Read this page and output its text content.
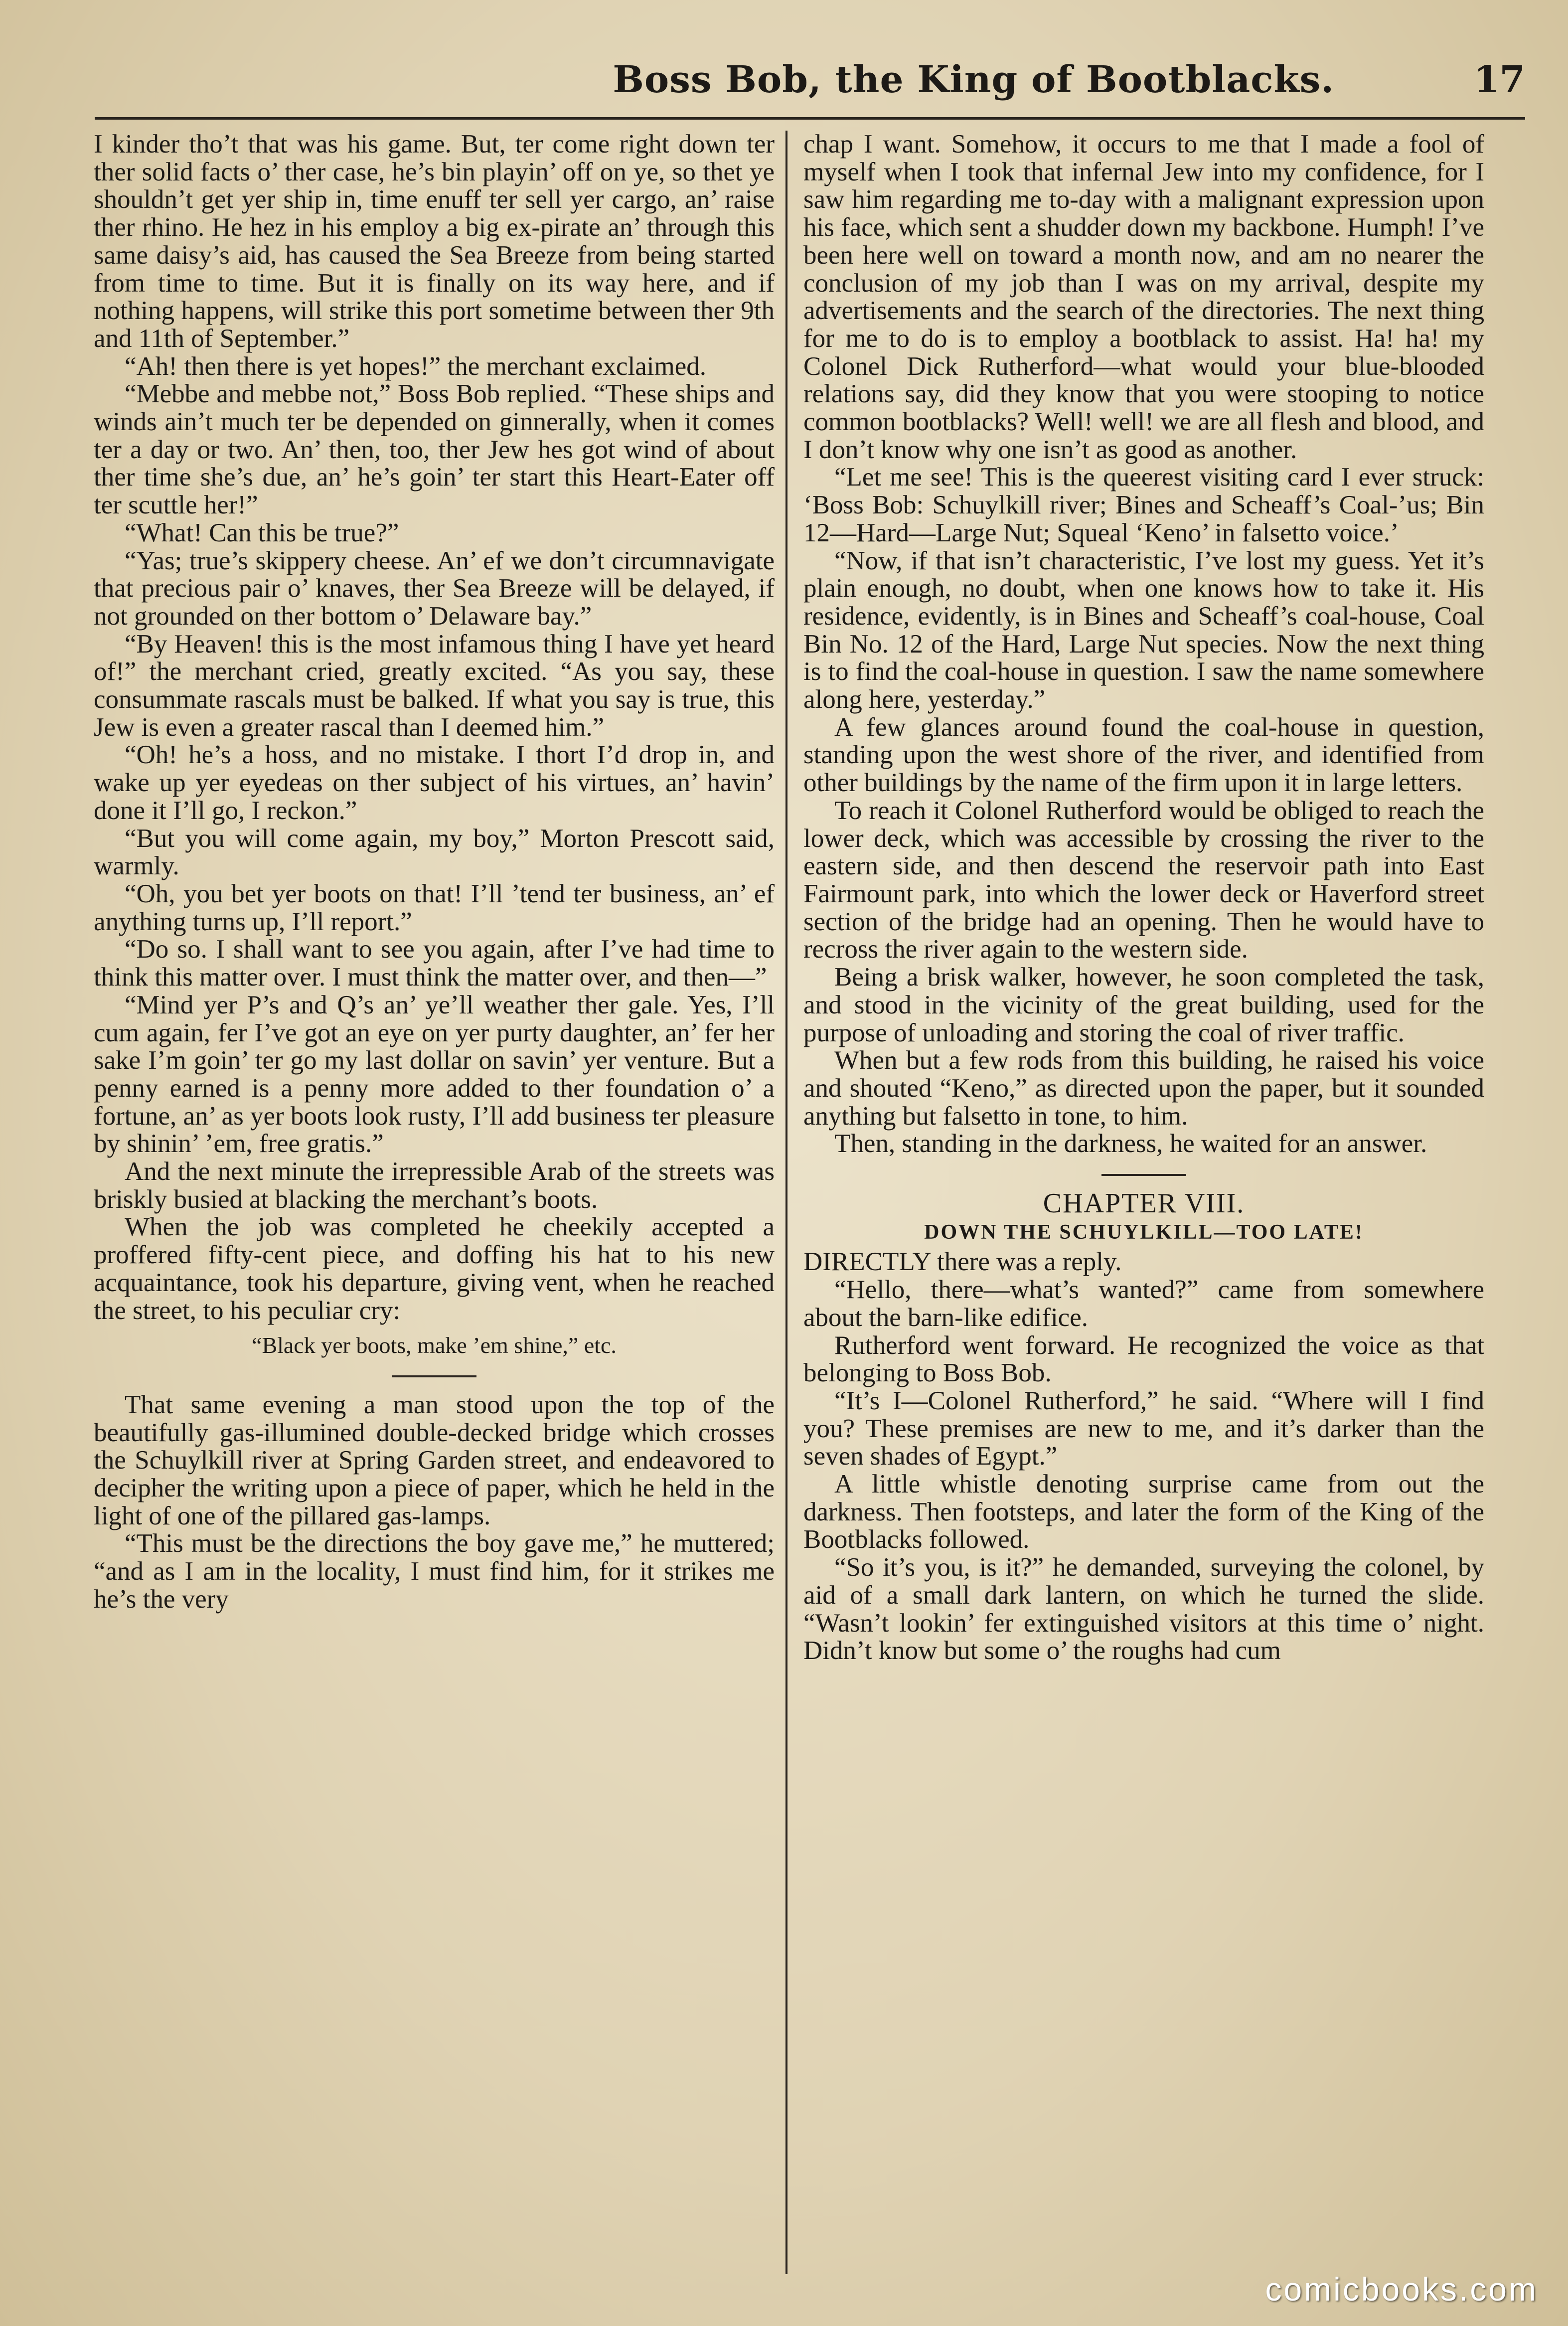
Boss Bob, the King of Bootblacks.	17

I kinder tho’t that was his game. But, ter come right down ter ther solid facts o’ ther case, he’s bin playin’ off on ye, so thet ye shouldn’t get yer ship in, time enuff ter sell yer cargo, an’ raise ther rhino. He hez in his employ a big ex-pirate an’ through this same daisy’s aid, has caused the Sea Breeze from being started from time to time. But it is finally on its way here, and if nothing happens, will strike this port sometime between ther 9th and 11th of September.”

“Ah! then there is yet hopes!” the merchant exclaimed.

“Mebbe and mebbe not,” Boss Bob replied. “These ships and winds ain’t much ter be depended on ginnerally, when it comes ter a day or two. An’ then, too, ther Jew hes got wind of about ther time she’s due, an’ he’s goin’ ter start this Heart-Eater off ter scuttle her!”

“What! Can this be true?”

“Yas; true’s skippery cheese. An’ ef we don’t circumnavigate that precious pair o’ knaves, ther Sea Breeze will be delayed, if not grounded on ther bottom o’ Delaware bay.”

“By Heaven! this is the most infamous thing I have yet heard of!” the merchant cried, greatly excited. “As you say, these consummate rascals must be balked. If what you say is true, this Jew is even a greater rascal than I deemed him.”

“Oh! he’s a hoss, and no mistake. I thort I’d drop in, and wake up yer eyedeas on ther subject of his virtues, an’ havin’ done it I’ll go, I reckon.”

“But you will come again, my boy,” Morton Prescott said, warmly.

“Oh, you bet yer boots on that! I’ll ’tend ter business, an’ ef anything turns up, I’ll report.”

“Do so. I shall want to see you again, after I’ve had time to think this matter over. I must think the matter over, and then—”

“Mind yer P’s and Q’s an’ ye’ll weather ther gale. Yes, I’ll cum again, fer I’ve got an eye on yer purty daughter, an’ fer her sake I’m goin’ ter go my last dollar on savin’ yer venture. But a penny earned is a penny more added to ther foundation o’ a fortune, an’ as yer boots look rusty, I’ll add business ter pleasure by shinin’ ’em, free gratis.”

And the next minute the irrepressible Arab of the streets was briskly busied at blacking the merchant’s boots.

When the job was completed he cheekily accepted a proffered fifty-cent piece, and doffing his hat to his new acquaintance, took his departure, giving vent, when he reached the street, to his peculiar cry:

“Black yer boots, make ’em shine,” etc.

That same evening a man stood upon the top of the beautifully gas-illumined double-decked bridge which crosses the Schuylkill river at Spring Garden street, and endeavored to decipher the writing upon a piece of paper, which he held in the light of one of the pillared gas-lamps.

“This must be the directions the boy gave me,” he muttered; “and as I am in the locality, I must find him, for it strikes me he’s the very

chap I want. Somehow, it occurs to me that I made a fool of myself when I took that infernal Jew into my confidence, for I saw him regarding me to-day with a malignant expression upon his face, which sent a shudder down my backbone. Humph! I’ve been here well on toward a month now, and am no nearer the conclusion of my job than I was on my arrival, despite my advertisements and the search of the directories. The next thing for me to do is to employ a bootblack to assist. Ha! ha! my Colonel Dick Rutherford—what would your blue-blooded relations say, did they know that you were stooping to notice common bootblacks? Well! well! we are all flesh and blood, and I don’t know why one isn’t as good as another.

“Let me see! This is the queerest visiting card I ever struck: ‘Boss Bob: Schuylkill river; Bines and Scheaff’s Coal-’us; Bin 12—Hard—Large Nut; Squeal ‘Keno’ in falsetto voice.’

“Now, if that isn’t characteristic, I’ve lost my guess. Yet it’s plain enough, no doubt, when one knows how to take it. His residence, evidently, is in Bines and Scheaff’s coal-house, Coal Bin No. 12 of the Hard, Large Nut species. Now the next thing is to find the coal-house in question. I saw the name somewhere along here, yesterday.”

A few glances around found the coal-house in question, standing upon the west shore of the river, and identified from other buildings by the name of the firm upon it in large letters.

To reach it Colonel Rutherford would be obliged to reach the lower deck, which was accessible by crossing the river to the eastern side, and then descend the reservoir path into East Fairmount park, into which the lower deck or Haverford street section of the bridge had an opening. Then he would have to recross the river again to the western side.

Being a brisk walker, however, he soon completed the task, and stood in the vicinity of the great building, used for the purpose of unloading and storing the coal of river traffic.

When but a few rods from this building, he raised his voice and shouted “Keno,” as directed upon the paper, but it sounded anything but falsetto in tone, to him.

Then, standing in the darkness, he waited for an answer.

CHAPTER VIII.

DOWN THE SCHUYLKILL—TOO LATE!

DIRECTLY there was a reply.

“Hello, there—what’s wanted?” came from somewhere about the barn-like edifice.

Rutherford went forward. He recognized the voice as that belonging to Boss Bob.

“It’s I—Colonel Rutherford,” he said. “Where will I find you? These premises are new to me, and it’s darker than the seven shades of Egypt.”

A little whistle denoting surprise came from out the darkness. Then footsteps, and later the form of the King of the Bootblacks followed.

“So it’s you, is it?” he demanded, surveying the colonel, by aid of a small dark lantern, on which he turned the slide. “Wasn’t lookin’ fer extinguished visitors at this time o’ night. Didn’t know but some o’ the roughs had cum

comicbooks.com
